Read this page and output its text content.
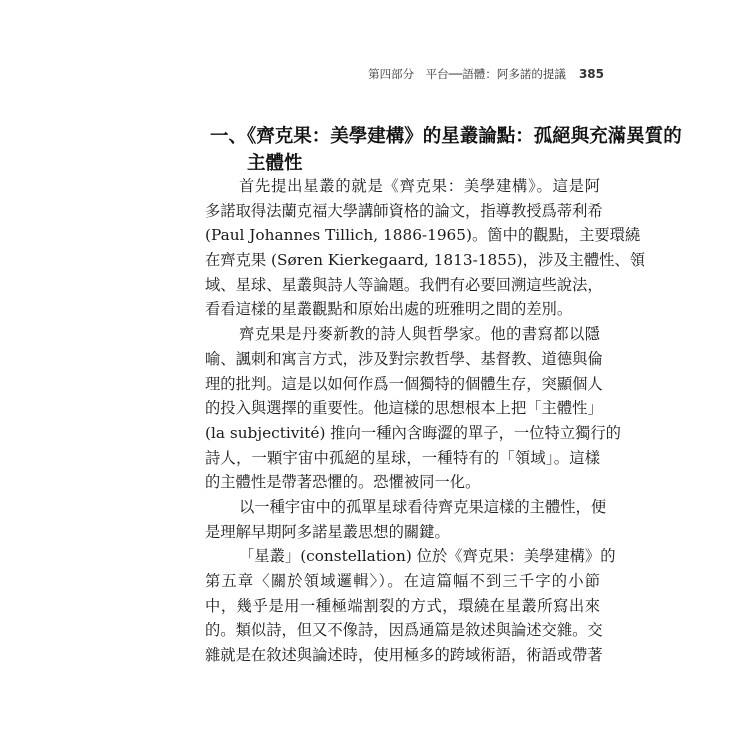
第四部分　平台──語體：阿多諾的提議 385
一、《齊克果：美學建構》的星叢論點：孤絕與充滿異質的
主體性
首先提出星叢的就是《齊克果：美學建構》。這是阿
多諾取得法蘭克福大學講師資格的論文，指導教授爲蒂利希
(Paul Johannes Tillich, 1886-1965)。箇中的觀點，主要環繞
在齊克果 (Søren Kierkegaard, 1813-1855)，涉及主體性、領
域、星球、星叢與詩人等論題。我們有必要回溯這些說法，
看看這樣的星叢觀點和原始出處的班雅明之間的差別。
齊克果是丹麥新教的詩人與哲學家。他的書寫都以隱
喻、諷刺和寓言方式，涉及對宗教哲學、基督教、道德與倫
理的批判。這是以如何作爲一個獨特的個體生存，突顯個人
的投入與選擇的重要性。他這樣的思想根本上把「主體性」
(la subjectivité) 推向一種內含晦澀的單子，一位特立獨行的
詩人，一顆宇宙中孤絕的星球，一種特有的「領域」。這樣
的主體性是帶著恐懼的。恐懼被同一化。
以一種宇宙中的孤單星球看待齊克果這樣的主體性，便
是理解早期阿多諾星叢思想的關鍵。
「星叢」(constellation) 位於《齊克果：美學建構》的
第五章〈關於領域邏輯〉）。在這篇幅不到三千字的小節
中，幾乎是用一種極端割裂的方式，環繞在星叢所寫出來
的。類似詩，但又不像詩，因爲通篇是敘述與論述交雜。交
雜就是在敘述與論述時，使用極多的跨域術語，術語或帶著
